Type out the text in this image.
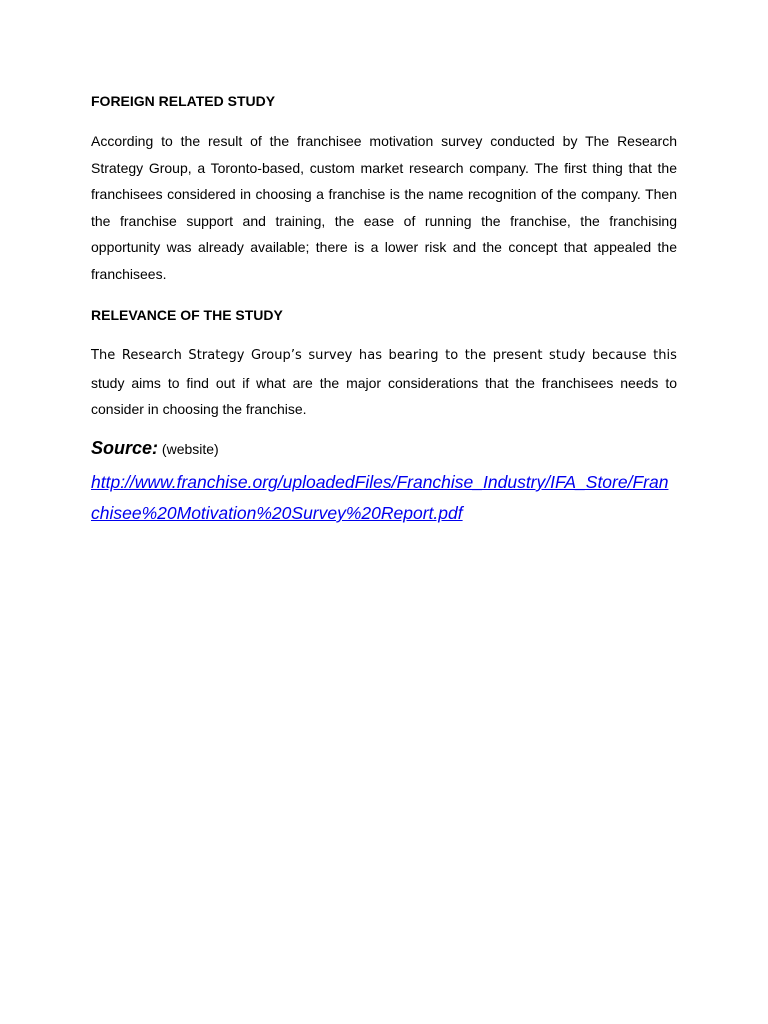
FOREIGN RELATED STUDY
According to the result of the franchisee motivation survey conducted by The Research Strategy Group, a Toronto-based, custom market research company. The first thing that the franchisees considered in choosing a franchise is the name recognition of the company. Then the franchise support and training, the ease of running the franchise, the franchising opportunity was already available; there is a lower risk and the concept that appealed the franchisees.
RELEVANCE OF THE STUDY
The Research Strategy Group’s survey has bearing to the present study because this study aims to find out if what are the major considerations that the franchisees needs to consider in choosing the franchise.
Source: (website)
http://www.franchise.org/uploadedFiles/Franchise_Industry/IFA_Store/Franchisee%20Motivation%20Survey%20Report.pdf
